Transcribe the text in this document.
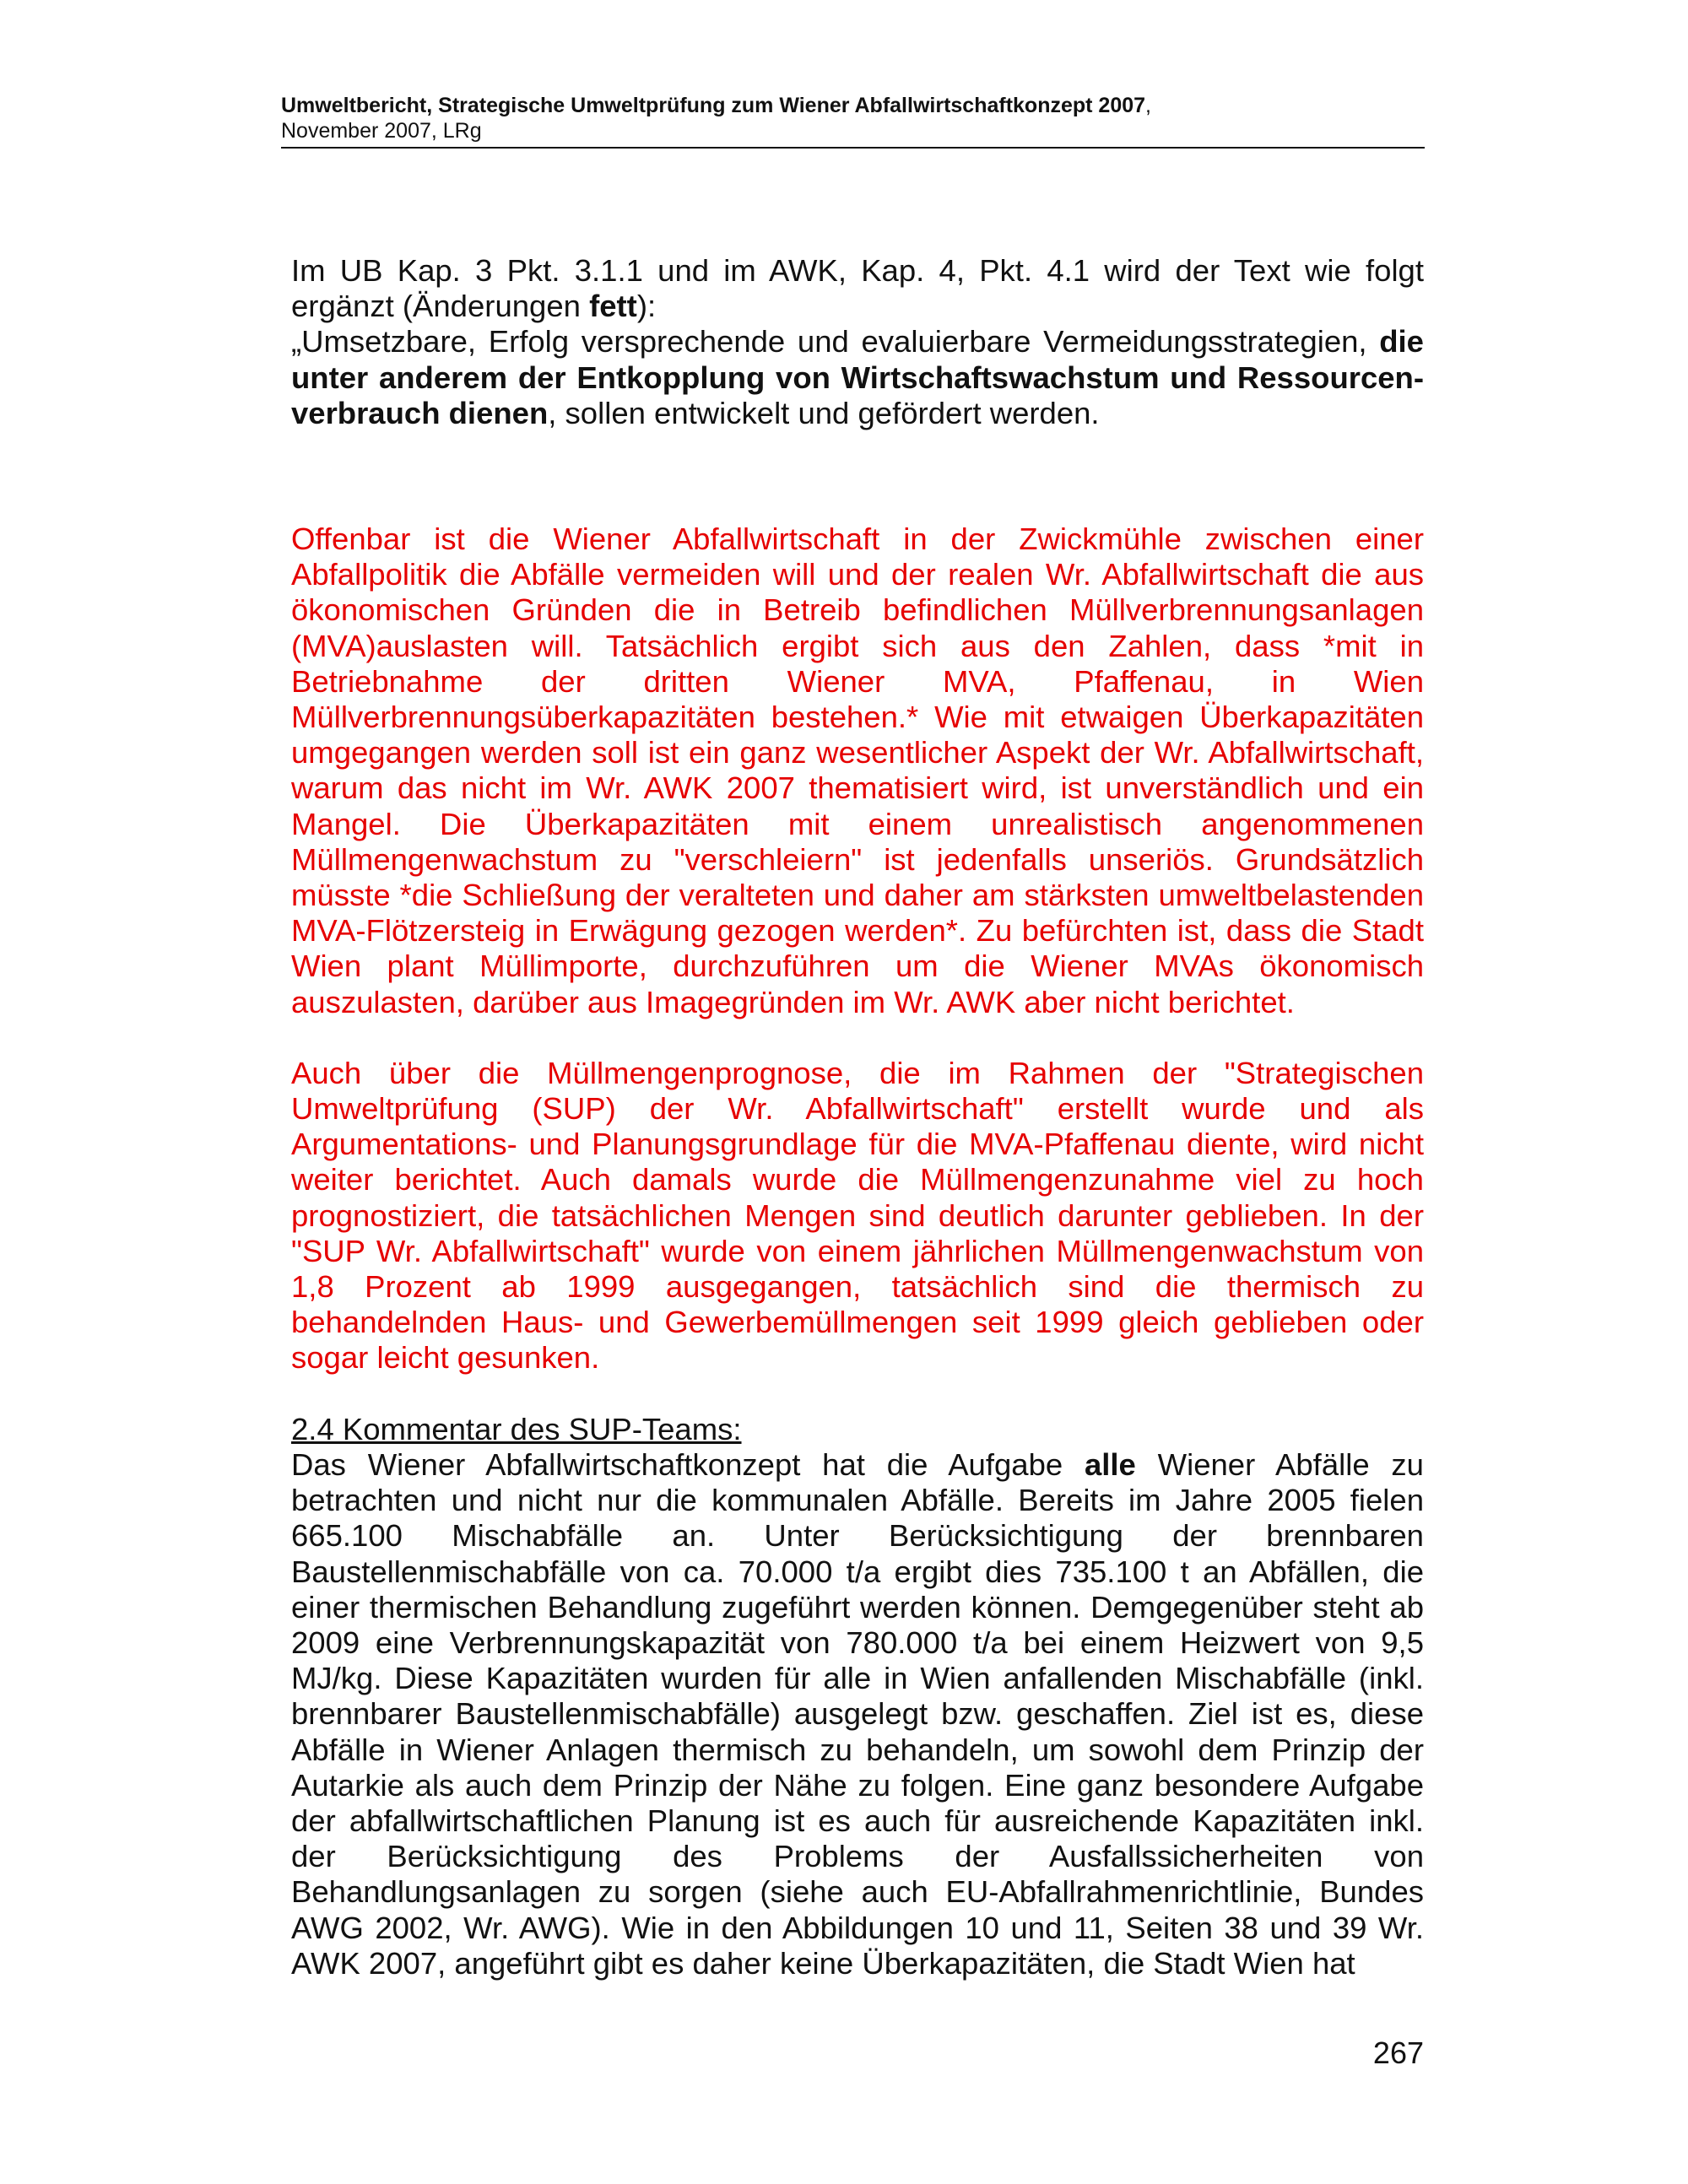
Umweltbericht, Strategische Umweltprüfung zum Wiener Abfallwirtschaftkonzept 2007,
November 2007, LRg

Im UB Kap. 3 Pkt. 3.1.1 und im AWK, Kap. 4, Pkt. 4.1 wird der Text wie folgt ergänzt (Änderungen fett):
„Umsetzbare, Erfolg versprechende und evaluierbare Vermeidungsstrategien, die unter anderem der Entkopplung von Wirtschaftswachstum und Ressourcen-verbrauch dienen, sollen entwickelt und gefördert werden.

Offenbar ist die Wiener Abfallwirtschaft in der Zwickmühle zwischen einer Abfallpolitik die Abfälle vermeiden will und der realen Wr. Abfallwirtschaft die aus ökonomischen Gründen die in Betreib befindlichen Müllverbrennungsanlagen (MVA)auslasten will. Tatsächlich ergibt sich aus den Zahlen, dass *mit in Betriebnahme der dritten Wiener MVA, Pfaffenau, in Wien Müllverbrennungsüberkapazitäten bestehen.* Wie mit etwaigen Überkapazitäten umgegangen werden soll ist ein ganz wesentlicher Aspekt der Wr. Abfallwirtschaft, warum das nicht im Wr. AWK 2007 thematisiert wird, ist unverständlich und ein Mangel. Die Überkapazitäten mit einem unrealistisch angenommenen Müllmengenwachstum zu "verschleiern" ist jedenfalls unseriös. Grundsätzlich müsste *die Schließung der veralteten und daher am stärksten umweltbelastenden MVA-Flötzersteig in Erwägung gezogen werden*. Zu befürchten ist, dass die Stadt Wien plant Müllimporte, durchzuführen um die Wiener MVAs ökonomisch auszulasten, darüber aus Imagegründen im Wr. AWK aber nicht berichtet.

Auch über die Müllmengenprognose, die im Rahmen der "Strategischen Umweltprüfung (SUP) der Wr. Abfallwirtschaft" erstellt wurde und als Argumentations- und Planungsgrundlage für die MVA-Pfaffenau diente, wird nicht weiter berichtet. Auch damals wurde die Müllmengenzunahme viel zu hoch prognostiziert, die tatsächlichen Mengen sind deutlich darunter geblieben. In der "SUP Wr. Abfallwirtschaft" wurde von einem jährlichen Müllmengenwachstum von 1,8 Prozent ab 1999 ausgegangen, tatsächlich sind die thermisch zu behandelnden Haus- und Gewerbemüllmengen seit 1999 gleich geblieben oder sogar leicht gesunken.

2.4 Kommentar des SUP-Teams:

Das Wiener Abfallwirtschaftkonzept hat die Aufgabe alle Wiener Abfälle zu betrachten und nicht nur die kommunalen Abfälle. Bereits im Jahre 2005 fielen 665.100 Mischabfälle an. Unter Berücksichtigung der brennbaren Baustellenmischabfälle von ca. 70.000 t/a ergibt dies 735.100 t an Abfällen, die einer thermischen Behandlung zugeführt werden können. Demgegenüber steht ab 2009 eine Verbrennungskapazität von 780.000 t/a bei einem Heizwert von 9,5 MJ/kg. Diese Kapazitäten wurden für alle in Wien anfallenden Mischabfälle (inkl. brennbarer Baustellenmischabfälle) ausgelegt bzw. geschaffen. Ziel ist es, diese Abfälle in Wiener Anlagen thermisch zu behandeln, um sowohl dem Prinzip der Autarkie als auch dem Prinzip der Nähe zu folgen. Eine ganz besondere Aufgabe der abfallwirtschaftlichen Planung ist es auch für ausreichende Kapazitäten inkl. der Berücksichtigung des Problems der Ausfallssicherheiten von Behandlungsanlagen zu sorgen (siehe auch EU-Abfallrahmenrichtlinie, Bundes AWG 2002, Wr. AWG). Wie in den Abbildungen 10 und 11, Seiten 38 und 39 Wr. AWK 2007, angeführt gibt es daher keine Überkapazitäten, die Stadt Wien hat

267
